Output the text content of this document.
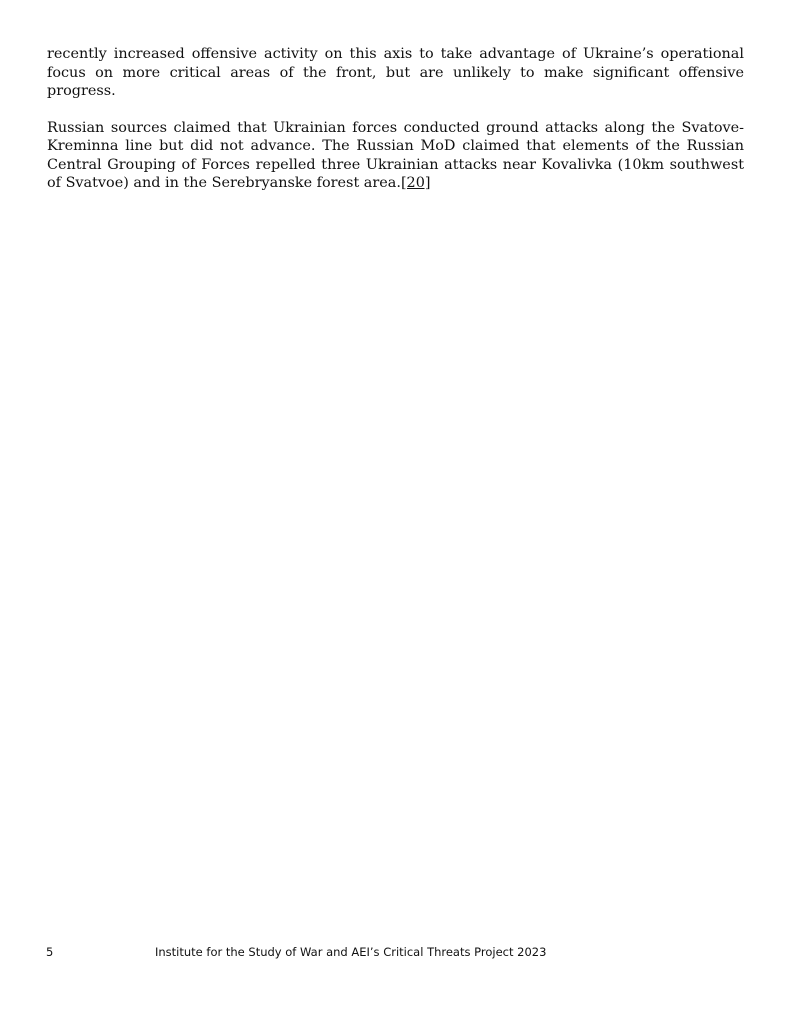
recently increased offensive activity on this axis to take advantage of Ukraine’s operational focus on more critical areas of the front, but are unlikely to make significant offensive progress.

Russian sources claimed that Ukrainian forces conducted ground attacks along the Svatove-Kreminna line but did not advance. The Russian MoD claimed that elements of the Russian Central Grouping of Forces repelled three Ukrainian attacks near Kovalivka (10km southwest of Svatvoe) and in the Serebryanske forest area.[20]

5	Institute for the Study of War and AEI’s Critical Threats Project 2023
